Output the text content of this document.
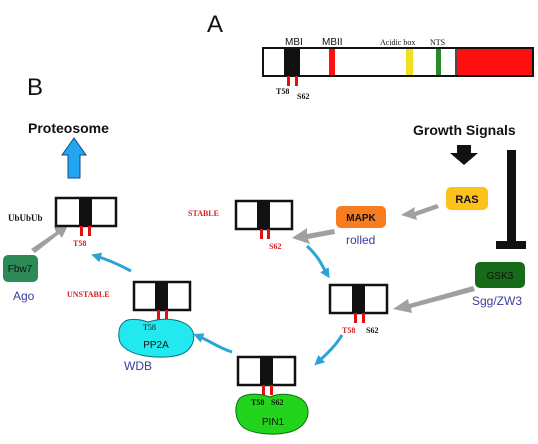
A
MBI MBII	Acidic box NTS
T58
S62
B
Proteosome	Growth Signals
RAS
MAPK
rolled
GSK3
Sgg/ZW3
Fbw7
Ago
UbUbUb
T58
STABLE
S62
T58 S62
UNSTABLE
T58
PP2A
WDB
T58 S62
PIN1
